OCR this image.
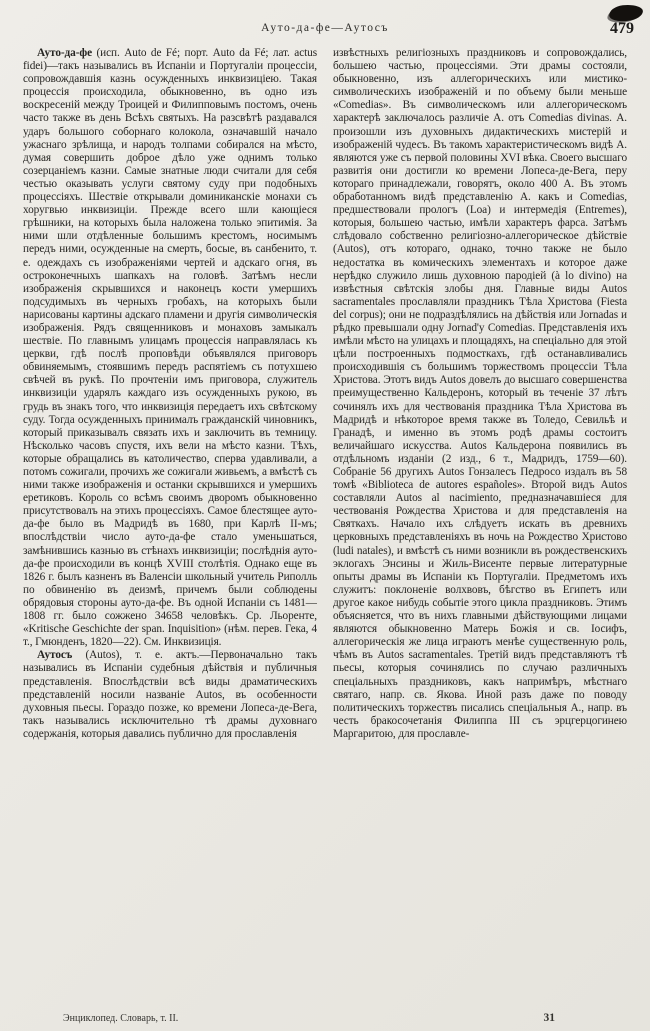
Ауто-да-фе—Аутосъ	479

Ауто-да-фе (исп. Auto de Fé; порт. Auto da Fé; лат. actus fidei)—такъ назывались въ Испаніи и Португаліи процессіи, сопровождавшія казнь осужденныхъ инквизиціею. Такая процессія происходила, обыкновенно, въ одно изъ воскресеній между Троицей и Филипповымъ постомъ, очень часто также въ день Всѣхъ святыхъ. На разсвѣтѣ раздавался ударъ большого соборнаго колокола, означавшій начало ужаснаго зрѣлища, и народъ толпами собирался на мѣсто, думая совершить доброе дѣло уже однимъ только созерцаніемъ казни. Самые знатные люди считали для себя честью оказывать услуги святому суду при подобныхъ процессіяхъ. Шествіе открывали доминиканскіе монахи съ хоругвью инквизиціи. Прежде всего шли кающіеся грѣшники, на которыхъ была наложена только эпитимія. За ними шли отдѣленные большимъ крестомъ, носимымъ передъ ними, осужденные на смерть, босые, въ санбенито, т. е. одеждахъ съ изображеніями чертей и адскаго огня, въ остроконечныхъ шапкахъ на головѣ. Затѣмъ несли изображенія скрывшихся и наконецъ кости умершихъ подсудимыхъ въ черныхъ гробахъ, на которыхъ были нарисованы картины адскаго пламени и другія символическія изображенія. Рядъ священниковъ и монаховъ замыкалъ шествіе. По главнымъ улицамъ процессія направлялась къ церкви, гдѣ послѣ проповѣди объявлялся приговоръ обвиняемымъ, стоявшимъ передъ распятіемъ съ потухшею свѣчей въ рукѣ. По прочтеніи имъ приговора, служитель инквизиціи ударялъ каждаго изъ осужденныхъ рукою, въ грудь въ знакъ того, что инквизиція передаетъ ихъ свѣтскому суду. Тогда осужденныхъ принималъ гражданскій чиновникъ, который приказывалъ связать ихъ и заключить въ темницу. Нѣсколько часовъ спустя, ихъ вели на мѣсто казни. Тѣхъ, которые обращались въ католичество, сперва удавливали, а потомъ сожигали, прочихъ же сожигали живьемъ, а вмѣстѣ съ ними также изображенія и останки скрывшихся и умершихъ еретиковъ. Король со всѣмъ своимъ дворомъ обыкновенно присутствовалъ на этихъ процессіяхъ. Самое блестящее ауто-да-фе было въ Мадридѣ въ 1680, при Карлѣ II-мъ; впослѣдствіи число ауто-да-фе стало уменьшаться, замѣнившись казнью въ стѣнахъ инквизиціи; послѣднія ауто-да-фе происходили въ концѣ XVIII столѣтія. Однако еще въ 1826 г. былъ казненъ въ Валенсіи школьный учитель Риполль по обвиненію въ деизмѣ, причемъ были соблюдены обрядовыя стороны ауто-да-фе. Въ одной Испаніи съ 1481—1808 гг. было сожжено 34658 человѣкъ. Ср. Льоренте, «Kritische Geschichte der span. Inquisition» (нѣм. перев. Гека, 4 т., Гмюнденъ, 1820—22). См. Инквизиція.

Аутосъ (Autos), т. е. актъ.—Первоначально такъ назывались въ Испаніи судебныя дѣйствія и публичныя представленія. Впослѣдствіи всѣ виды драматическихъ представленій носили названіе Autos, въ особенности духовныя пьесы. Гораздо позже, ко времени Лопеса-де-Вега, такъ назывались исключительно тѣ драмы духовнаго содержанія, которыя давались публично для прославленія

извѣстныхъ религіозныхъ праздниковъ и сопровождались, большею частью, процессіями. Эти драмы состояли, обыкновенно, изъ аллегорическихъ или мистико-символическихъ изображеній и по объему были меньше «Comedias». Въ символическомъ или аллегорическомъ характерѣ заключалось различіе А. отъ Comedias divinas. А. произошли изъ духовныхъ дидактическихъ мистерій и изображеній чудесъ. Въ такомъ характеристическомъ видѣ А. являются уже съ первой половины XVI вѣка. Своего высшаго развитія они достигли ко времени Лопеса-де-Вега, перу котораго принадлежали, говорятъ, около 400 А. Въ этомъ обработанномъ видѣ представленію А. какъ и Comedias, предшествовали прологъ (Loa) и интермедія (Entremes), которыя, большею частью, имѣли характеръ фарса. Затѣмъ слѣдовало собственно религіозно-аллегорическое дѣйствіе (Autos), отъ котораго, однако, точно также не было недостатка въ комическихъ элементахъ и которое даже нерѣдко служило лишь духовною пародіей (à lo divino) на извѣстныя свѣтскія злобы дня. Главные виды Autos sacramentales прославляли праздникъ Тѣла Христова (Fiesta del corpus); они не подраздѣлялись на дѣйствія или Jornadas и рѣдко превышали одну Jornad'у Comedias. Представленія ихъ имѣли мѣсто на улицахъ и площадяхъ, на спеціально для этой цѣли построенныхъ подмосткахъ, гдѣ останавливались происходившія съ большимъ торжествомъ процессіи Тѣла Христова. Этотъ видъ Autos довелъ до высшаго совершенства преимущественно Кальдеронъ, который въ теченіе 37 лѣтъ сочинялъ ихъ для чествованія праздника Тѣла Христова въ Мадридѣ и нѣкоторое время также въ Толедо, Севильѣ и Гранадѣ, и именно въ этомъ родѣ драмы состоитъ величайшаго искусства. Autos Кальдерона появились въ отдѣльномъ изданіи (2 изд., 6 т., Мадридъ, 1759—60). Собраніе 56 другихъ Autos Гонзалесъ Педросо издалъ въ 58 томѣ «Biblioteca de autores españoles». Второй видъ Autos составляли Autos al nacimiento, предназначавшіеся для чествованія Рождества Христова и для представленія на Святкахъ. Начало ихъ слѣдуетъ искать въ древнихъ церковныхъ представленіяхъ въ ночь на Рождество Христово (ludi natales), и вмѣстѣ съ ними возникли въ рождественскихъ эклогахъ Энсины и Жиль-Висенте первые литературные опыты драмы въ Испаніи къ Португаліи. Предметомъ ихъ служитъ: поклоненіе волхвовъ, бѣгство въ Египетъ или другое какое нибудь событіе этого цикла праздниковъ. Этимъ объясняется, что въ нихъ главными дѣйствующими лицами являются обыкновенно Матерь Божія и св. Іосифъ, аллегорическія же лица играютъ менѣе существенную роль, чѣмъ въ Autos sacramentales. Третій видъ представляютъ тѣ пьесы, которыя сочинялись по случаю различныхъ спеціальныхъ праздниковъ, какъ напримѣръ, мѣстнаго святаго, напр. св. Якова. Иной разъ даже по поводу политическихъ торжествъ писались спеціальныя А., напр. въ честь бракосочетанія Филиппа III съ эрцгерцогинею Маргаритою, для прославле-

Энциклопед. Словарь, т. II.	31
